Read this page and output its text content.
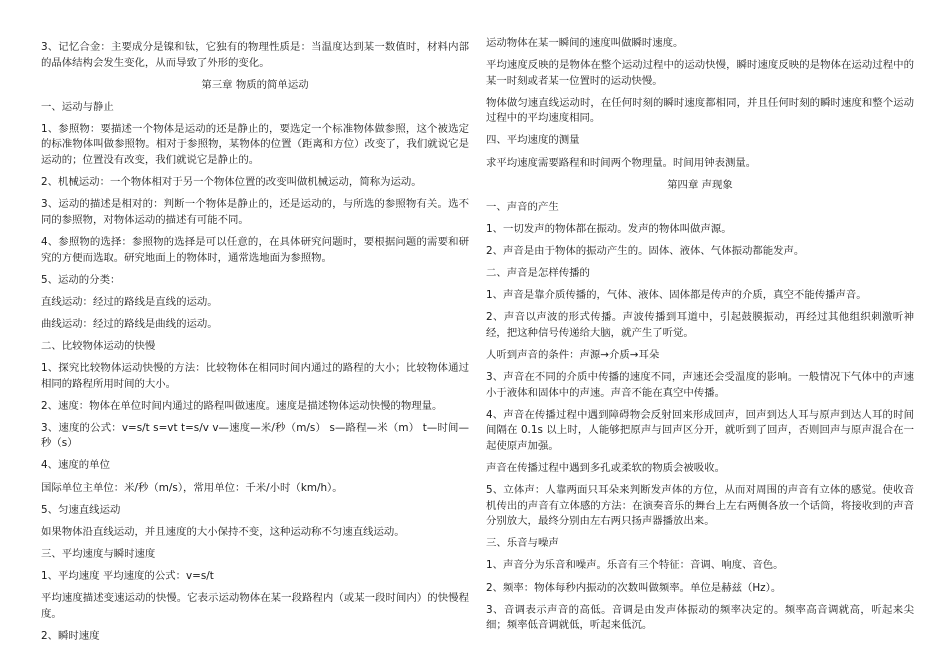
3、记忆合金：主要成分是镍和钛，它独有的物理性质是：当温度达到某一数值时，材料内部的晶体结构会发生变化，从而导致了外形的变化。

第三章 物质的简单运动

一、运动与静止

1、参照物：要描述一个物体是运动的还是静止的，要选定一个标准物体做参照，这个被选定的标准物体叫做参照物。相对于参照物，某物体的位置（距离和方位）改变了，我们就说它是运动的；位置没有改变，我们就说它是静止的。

2、机械运动：一个物体相对于另一个物体位置的改变叫做机械运动，简称为运动。

3、运动的描述是相对的：判断一个物体是静止的，还是运动的，与所选的参照物有关。选不同的参照物，对物体运动的描述有可能不同。

4、参照物的选择：参照物的选择是可以任意的，在具体研究问题时，要根据问题的需要和研究的方便而选取。研究地面上的物体时，通常选地面为参照物。

5、运动的分类：

直线运动：经过的路线是直线的运动。

曲线运动：经过的路线是曲线的运动。

二、比较物体运动的快慢

1、探究比较物体运动快慢的方法：比较物体在相同时间内通过的路程的大小；比较物体通过相同的路程所用时间的大小。

2、速度：物体在单位时间内通过的路程叫做速度。速度是描述物体运动快慢的物理量。

3、速度的公式：v=s/t s=vt t=s/v v—速度—米/秒（m/s） s—路程—米（m） t—时间—秒（s）

4、速度的单位

国际单位主单位：米/秒（m/s），常用单位：千米/小时（km/h）。

5、匀速直线运动

如果物体沿直线运动，并且速度的大小保持不变，这种运动称不匀速直线运动。

三、平均速度与瞬时速度

1、平均速度 平均速度的公式：v=s/t

平均速度描述变速运动的快慢。它表示运动物体在某一段路程内（或某一段时间内）的快慢程度。

2、瞬时速度

运动物体在某一瞬间的速度叫做瞬时速度。

平均速度反映的是物体在整个运动过程中的运动快慢，瞬时速度反映的是物体在运动过程中的某一时刻或者某一位置时的运动快慢。

物体做匀速直线运动时，在任何时刻的瞬时速度都相同，并且任何时刻的瞬时速度和整个运动过程中的平均速度相同。

四、平均速度的测量

求平均速度需要路程和时间两个物理量。时间用钟表测量。

第四章 声现象

一、声音的产生

1、一切发声的物体都在振动。发声的物体叫做声源。

2、声音是由于物体的振动产生的。固体、液体、气体振动都能发声。

二、声音是怎样传播的

1、声音是靠介质传播的，气体、液体、固体都是传声的介质，真空不能传播声音。

2、声音以声波的形式传播。声波传播到耳道中，引起鼓膜振动，再经过其他组织刺激听神经，把这种信号传递给大脑，就产生了听觉。

人听到声音的条件：声源→介质→耳朵

3、声音在不同的介质中传播的速度不同，声速还会受温度的影响。一般情况下气体中的声速小于液体和固体中的声速。声音不能在真空中传播。

4、声音在传播过程中遇到障碍物会反射回来形成回声，回声到达人耳与原声到达人耳的时间间隔在 0.1s 以上时，人能够把原声与回声区分开，就听到了回声，否则回声与原声混合在一起使原声加强。

声音在传播过程中遇到多孔或柔软的物质会被吸收。

5、立体声：人靠两面只耳朵来判断发声体的方位，从而对周围的声音有立体的感觉。使收音机传出的声音有立体感的方法：在演奏音乐的舞台上左右两侧各放一个话筒，将接收到的声音分别放大，最终分别由左右两只扬声器播放出来。

三、乐音与噪声

1、声音分为乐音和噪声。乐音有三个特征：音调、响度、音色。

2、频率：物体每秒内振动的次数叫做频率。单位是赫兹（Hz）。

3、音调表示声音的高低。音调是由发声体振动的频率决定的。频率高音调就高，听起来尖细；频率低音调就低，听起来低沉。
